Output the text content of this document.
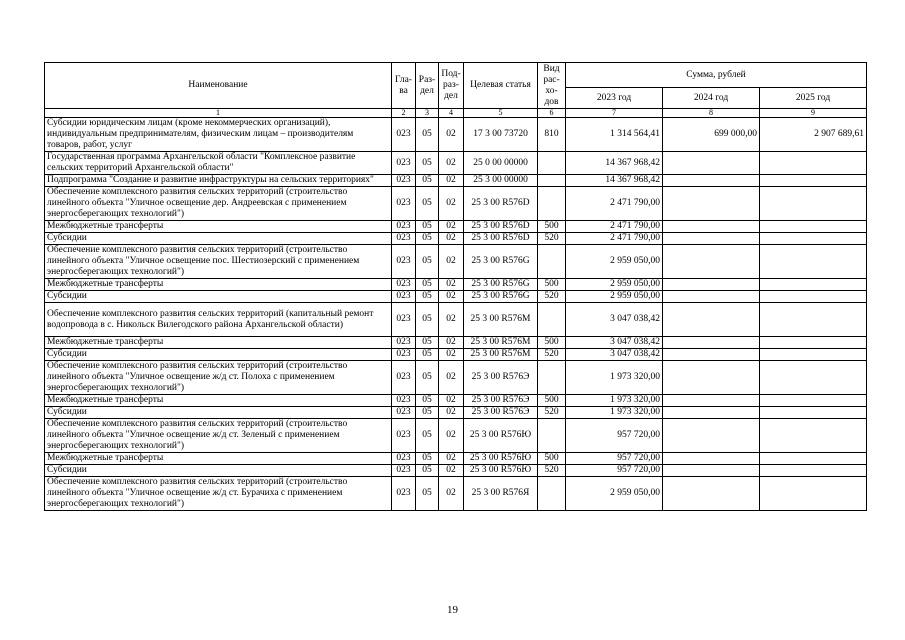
Наименование	Гла-ва	Раз-дел	Под-раз-дел	Целевая статья	Вид рас-хо-дов	Сумма, рублей		
						2023 год	2024 год	2025 год
1	2	3	4	5	6	7	8	9
Субсидии юридическим лицам (кроме некоммерческих организаций), индивидуальным предпринимателям, физическим лицам – производителям товаров, работ, услуг	023	05	02	17 3 00 73720	810	1 314 564,41	699 000,00	2 907 689,61
Государственная программа Архангельской области "Комплексное развитие сельских территорий Архангельской области"	023	05	02	25 0 00 00000		14 367 968,42		
Подпрограмма "Создание и развитие инфраструктуры на сельских территориях"	023	05	02	25 3 00 00000		14 367 968,42		
Обеспечение комплексного развития сельских территорий (строительство линейного объекта "Уличное освещение дер. Андреевская с применением энергосберегающих технологий")	023	05	02	25 3 00 R576D		2 471 790,00		
Межбюджетные трансферты	023	05	02	25 3 00 R576D	500	2 471 790,00		
Субсидии	023	05	02	25 3 00 R576D	520	2 471 790,00		
Обеспечение комплексного развития сельских территорий (строительство линейного объекта "Уличное освещение пос. Шестиозерский с применением энергосберегающих технологий")	023	05	02	25 3 00 R576G		2 959 050,00		
Межбюджетные трансферты	023	05	02	25 3 00 R576G	500	2 959 050,00		
Субсидии	023	05	02	25 3 00 R576G	520	2 959 050,00		
Обеспечение комплексного развития сельских территорий (капитальный ремонт водопровода в с. Никольск Вилегодского района Архангельской области)	023	05	02	25 3 00 R576M		3 047 038,42		
Межбюджетные трансферты	023	05	02	25 3 00 R576M	500	3 047 038,42		
Субсидии	023	05	02	25 3 00 R576M	520	3 047 038,42		
Обеспечение комплексного развития сельских территорий (строительство линейного объекта "Уличное освещение ж/д ст. Полоха с применением энергосберегающих технологий")	023	05	02	25 3 00 R576Э		1 973 320,00		
Межбюджетные трансферты	023	05	02	25 3 00 R576Э	500	1 973 320,00		
Субсидии	023	05	02	25 3 00 R576Э	520	1 973 320,00		
Обеспечение комплексного развития сельских территорий (строительство линейного объекта "Уличное освещение ж/д ст. Зеленый с применением энергосберегающих технологий")	023	05	02	25 3 00 R576Ю		957 720,00		
Межбюджетные трансферты	023	05	02	25 3 00 R576Ю	500	957 720,00		
Субсидии	023	05	02	25 3 00 R576Ю	520	957 720,00		
Обеспечение комплексного развития сельских территорий (строительство линейного объекта "Уличное освещение ж/д ст. Бурачиха с применением энергосберегающих технологий")	023	05	02	25 3 00 R576Я		2 959 050,00		
19
